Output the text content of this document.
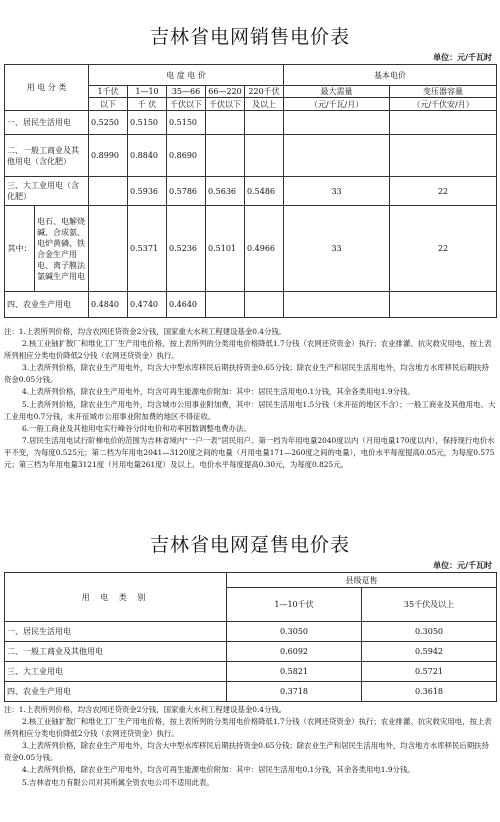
吉林省电网销售电价表
单位：元/千瓦时
用 电 分 类		电 度 电 价					基本电价	
		1千伏	1—10	35—66	66—220	220千伏	最大需量	变压器容量
		以下	千 伏	千伏以下	千伏以下	及以上	（元/千瓦/月）	（元/千伏安/月）
一、居民生活用电		0.5250	0.5150	0.5150				
二、一般工商业及其他用电（含化肥）		0.8990	0.8840	0.8690				
三、大工业用电（含化肥）			0.5936	0.5786	0.5636	0.5486	33	22
其中：	电石、电解烧碱、合成氨、电炉黄磷、铁合金生产用电、离子膜法氯碱生产用电		0.5371	0.5236	0.5101	0.4966	33	22
四、农业生产用电		0.4840	0.4740	0.4640				

注：1.上表所列价格，均含农网还贷资金2分钱，国家重大水利工程建设基金0.4分钱。

2.核工业铀扩散厂和堆化工厂生产用电价格，按上表所列的分类用电价格降低1.7分钱（农网还贷资金）执行；农业排灌、抗灾救灾用电，按上表所列相应分类电价降低2分钱（农网还贷资金）执行。

3.上表所列价格，除农业生产用电外，均含大中型水库移民后期扶持资金0.65分钱；除农业生产和居民生活用电外，均含地方水库移民后期扶持资金0.05分钱。

4.上表所列价格，除农业生产用电外，均含可再生能源电价附加：其中：居民生活用电0.1分钱，其余各类用电1.9分钱。

5.上表所列价格，除农业生产用电外，均含城市公用事业附加费，其中：居民生活用电1.5分钱（未开征的地区不含）；一般工商业及其他用电、大工业用电0.7分钱，未开征城市公用事业附加费的地区不得征收。

6.一般工商业及其他用电实行峰谷分时电价和功率因数调整电费办法。

7.居民生活用电试行阶梯电价的范围为吉林省境内“一户一表”居民用户。第一档为年用电量2040度以内（月用电量170度以内），保持现行电价水平不变，为每度0.525元；第二档为年用电2041—3120度之间的电量（月用电量171—260度之间的电量），电价水平每度提高0.05元，为每度0.575元；第三档为年用电量3121度（月用电量261度）及以上，电价水平每度提高0.30元，为每度0.825元。

吉林省电网趸售电价表
单位：元/千瓦时
用 电 类 别	县级趸售	
	1—10千伏	35千伏及以上
一、居民生活用电	0.3050	0.3050
二、一般工商业及其他用电	0.6092	0.5942
三、大工业用电	0.5821	0.5721
四、农业生产用电	0.3718	0.3618

注：1.上表所列价格，均含农网还贷资金2分钱，国家重大水利工程建设基金0.4分钱。

2.核工业铀扩散厂和堆化工厂生产用电价格，按上表所列的分类用电价格降低1.7分钱（农网还贷资金）执行；农业排灌、抗灾救灾用电，按上表所列相应分类电价降低2分钱（农网还贷资金）执行。

3.上表所列价格，除农业生产用电外，均含大中型水库移民后期扶持资金0.65分钱；除农业生产和居民生活用电外，均含地方水库移民后期扶持资金0.05分钱。

4.上表所列价格，除农业生产用电外，均含可再生能源电价附加：其中：居民生活用电0.1分钱，其余各类用电1.9分钱。

5.吉林省电力有限公司对其所属全资农电公司不适用此表。
